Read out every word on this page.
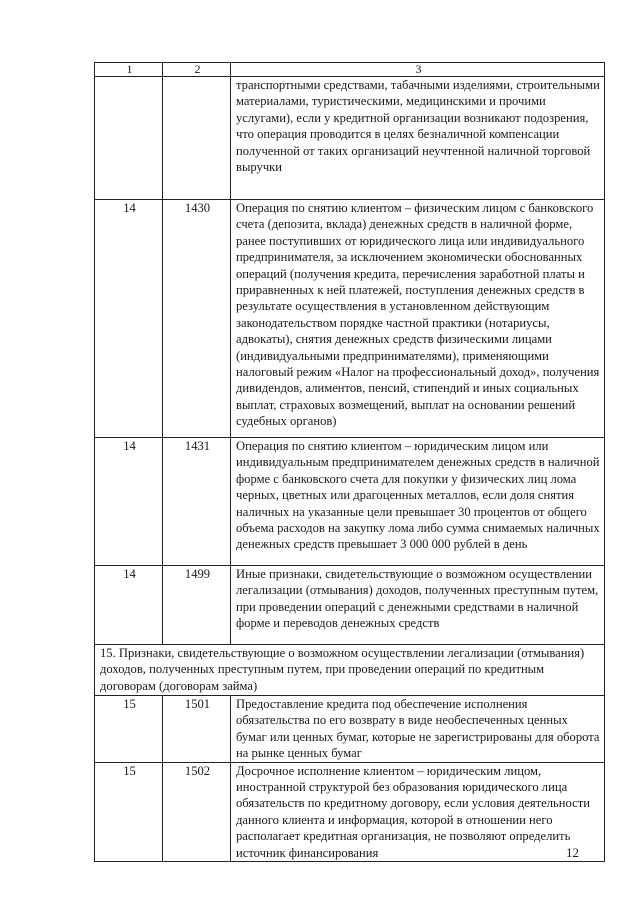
1	2	3
		транспортными средствами, табачными изделиями, строительными материалами, туристическими, медицинскими и прочими услугами), если у кредитной организации возникают подозрения, что операция проводится в целях безналичной компенсации полученной от таких организаций неучтенной наличной торговой выручки
14	1430	Операция по снятию клиентом – физическим лицом с банковского счета (депозита, вклада) денежных средств в наличной форме, ранее поступивших от юридического лица или индивидуального предпринимателя, за исключением экономически обоснованных операций (получения кредита, перечисления заработной платы и приравненных к ней платежей, поступления денежных средств в результате осуществления в установленном действующим законодательством порядке частной практики (нотариусы, адвокаты), снятия денежных средств физическими лицами (индивидуальными предпринимателями), применяющими налоговый режим «Налог на профессиональный доход», получения дивидендов, алиментов, пенсий, стипендий и иных социальных выплат, страховых возмещений, выплат на основании решений судебных органов)
14	1431	Операция по снятию клиентом – юридическим лицом или индивидуальным предпринимателем денежных средств в наличной форме с банковского счета для покупки у физических лиц лома черных, цветных или драгоценных металлов, если доля снятия наличных на указанные цели превышает 30 процентов от общего объема расходов на закупку лома либо сумма снимаемых наличных денежных средств превышает 3 000 000 рублей в день
14	1499	Иные признаки, свидетельствующие о возможном осуществлении легализации (отмывания) доходов, полученных преступным путем, при проведении операций с денежными средствами в наличной форме и переводов денежных средств
15. Признаки, свидетельствующие о возможном осуществлении легализации (отмывания) доходов, полученных преступным путем, при проведении операций по кредитным договорам (договорам займа)		
15	1501	Предоставление кредита под обеспечение исполнения обязательства по его возврату в виде необеспеченных ценных бумаг или ценных бумаг, которые не зарегистрированы для оборота на рынке ценных бумаг
15	1502	Досрочное исполнение клиентом – юридическим лицом, иностранной структурой без образования юридического лица обязательств по кредитному договору, если условия деятельности данного клиента и информация, которой в отношении него располагает кредитная организация, не позволяют определить источник финансирования	12
